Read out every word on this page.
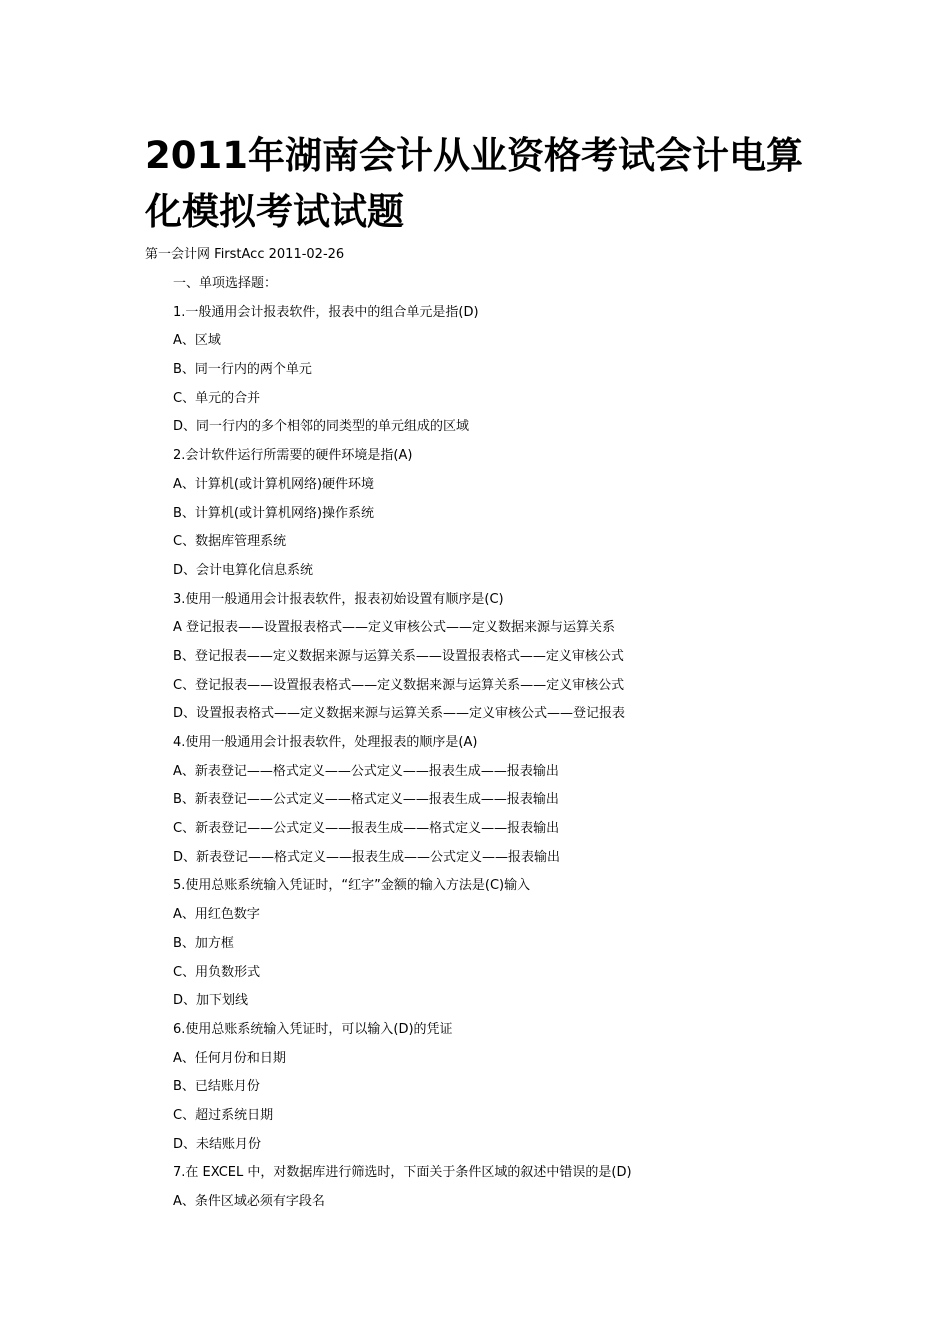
2011年湖南会计从业资格考试会计电算化模拟考试试题
第一会计网 FirstAcc 2011-02-26
一、单项选择题：
1.一般通用会计报表软件，报表中的组合单元是指(D)
A、区域
B、同一行内的两个单元
C、单元的合并
D、同一行内的多个相邻的同类型的单元组成的区域
2.会计软件运行所需要的硬件环境是指(A)
A、计算机(或计算机网络)硬件环境
B、计算机(或计算机网络)操作系统
C、数据库管理系统
D、会计电算化信息系统
3.使用一般通用会计报表软件，报表初始设置有顺序是(C)
A 登记报表——设置报表格式——定义审核公式——定义数据来源与运算关系
B、登记报表——定义数据来源与运算关系——设置报表格式——定义审核公式
C、登记报表——设置报表格式——定义数据来源与运算关系——定义审核公式
D、设置报表格式——定义数据来源与运算关系——定义审核公式——登记报表
4.使用一般通用会计报表软件，处理报表的顺序是(A)
A、新表登记——格式定义——公式定义——报表生成——报表输出
B、新表登记——公式定义——格式定义——报表生成——报表输出
C、新表登记——公式定义——报表生成——格式定义——报表输出
D、新表登记——格式定义——报表生成——公式定义——报表输出
5.使用总账系统输入凭证时，“红字”金额的输入方法是(C)输入
A、用红色数字
B、加方框
C、用负数形式
D、加下划线
6.使用总账系统输入凭证时，可以输入(D)的凭证
A、任何月份和日期
B、已结账月份
C、超过系统日期
D、未结账月份
7.在 EXCEL 中，对数据库进行筛选时，下面关于条件区域的叙述中错误的是(D)
A、条件区域必须有字段名
